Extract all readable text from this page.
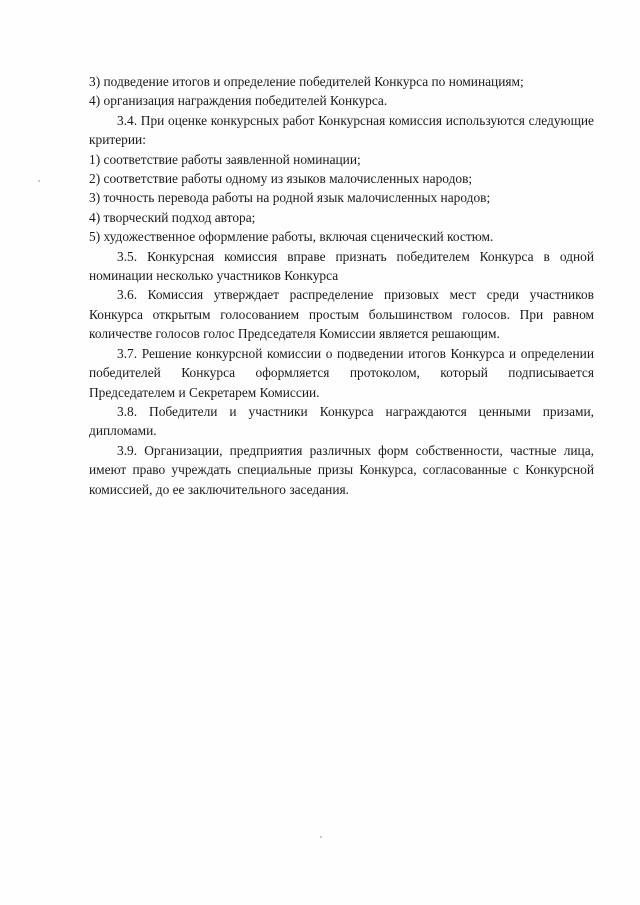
3) подведение итогов и определение победителей Конкурса по номинациям;

4) организация награждения победителей Конкурса.

3.4. При оценке конкурсных работ Конкурсная комиссия используются следующие критерии:

1) соответствие работы заявленной номинации;

2) соответствие работы одному из языков малочисленных народов;

3) точность перевода работы на родной язык малочисленных народов;

4) творческий подход автора;

5) художественное оформление работы, включая сценический костюм.

3.5. Конкурсная комиссия вправе признать победителем Конкурса в одной номинации несколько участников Конкурса

3.6. Комиссия утверждает распределение призовых мест среди участников Конкурса открытым голосованием простым большинством голосов. При равном количестве голосов голос Председателя Комиссии является решающим.

3.7. Решение конкурсной комиссии о подведении итогов Конкурса и определении победителей Конкурса оформляется протоколом, который подписывается Председателем и Секретарем Комиссии.

3.8. Победители и участники Конкурса награждаются ценными призами, дипломами.

3.9. Организации, предприятия различных форм собственности, частные лица, имеют право учреждать специальные призы Конкурса, согласованные с Конкурсной комиссией, до ее заключительного заседания.
